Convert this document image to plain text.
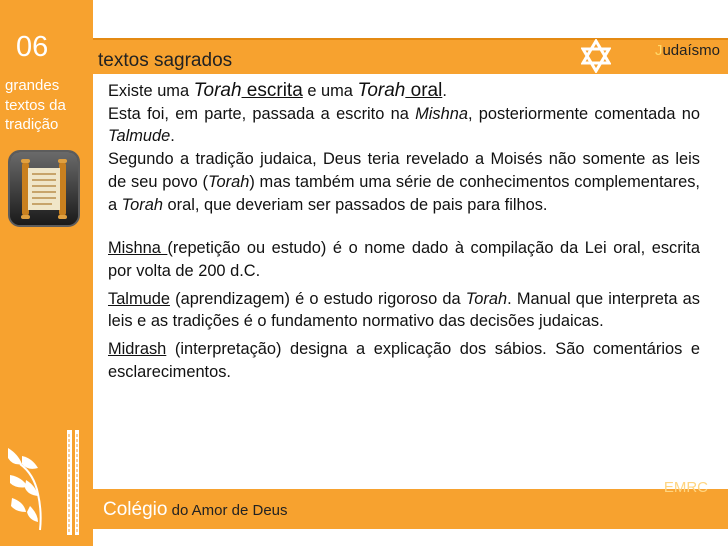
06
grandes
textos da
tradição
textos sagrados	Judaísmo

Existe uma Torah escrita e uma Torah oral.

Esta foi, em parte, passada a escrito na Mishna, posteriormente comentada no Talmude.

Segundo a tradição judaica, Deus teria revelado a Moisés não somente as leis de seu povo (Torah) mas também uma série de conhecimentos complementares, a Torah oral, que deveriam ser passados de pais para filhos.

Mishna (repetição ou estudo) é o nome dado à compilação da Lei oral, escrita por volta de 200 d.C.

Talmude (aprendizagem) é o estudo rigoroso da Torah. Manual que interpreta as leis e as tradições é o fundamento normativo das decisões judaicas.

Midrash (interpretação) designa a explicação dos sábios. São comentários e esclarecimentos.

EMRC
Colégio do Amor de Deus
